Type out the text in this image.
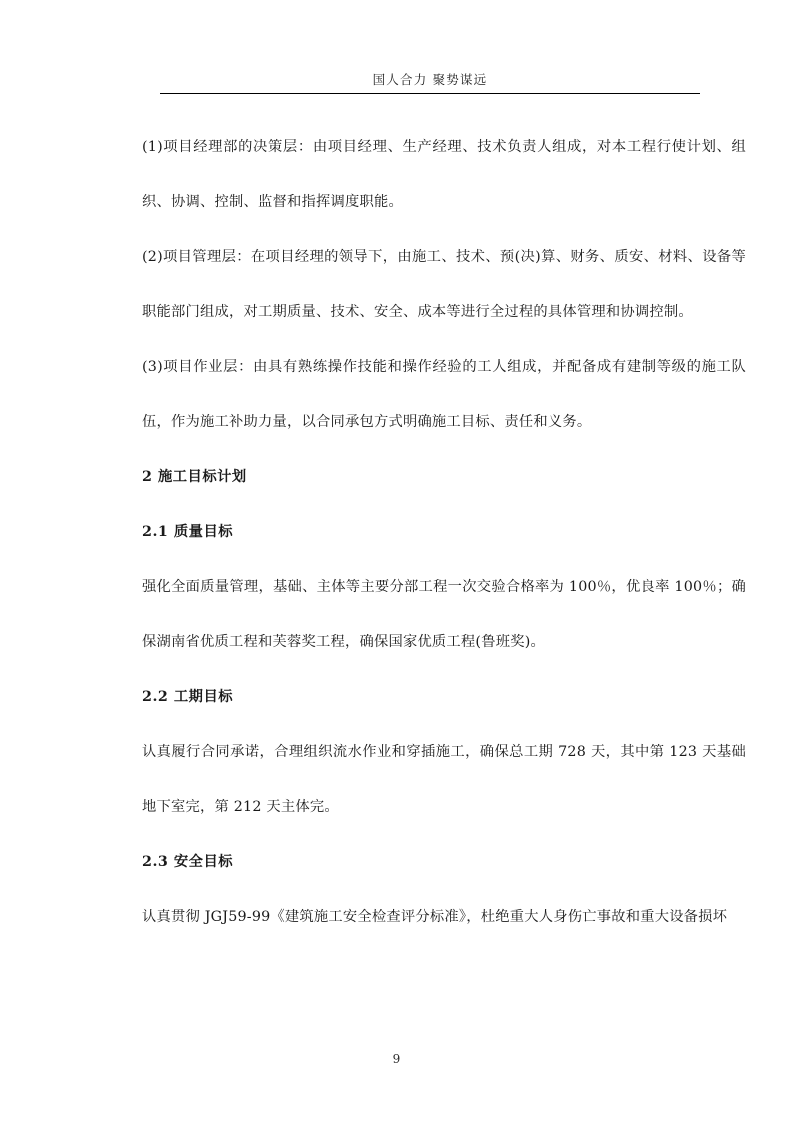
国人合力 聚势谋远

(1)项目经理部的决策层：由项目经理、生产经理、技术负责人组成，对本工程行使计划、组织、协调、控制、监督和指挥调度职能。

(2)项目管理层：在项目经理的领导下，由施工、技术、预(决)算、财务、质安、材料、设备等职能部门组成，对工期质量、技术、安全、成本等进行全过程的具体管理和协调控制。

(3)项目作业层：由具有熟练操作技能和操作经验的工人组成，并配备成有建制等级的施工队伍，作为施工补助力量，以合同承包方式明确施工目标、责任和义务。

2 施工目标计划
2.1 质量目标

强化全面质量管理，基础、主体等主要分部工程一次交验合格率为 100％，优良率 100％；确保湖南省优质工程和芙蓉奖工程，确保国家优质工程(鲁班奖)。

2.2 工期目标

认真履行合同承诺，合理组织流水作业和穿插施工，确保总工期 728 天，其中第 123 天基础地下室完，第 212 天主体完。

2.3 安全目标

认真贯彻 JGJ59-99《建筑施工安全检查评分标准》，杜绝重大人身伤亡事故和重大设备损坏

9
